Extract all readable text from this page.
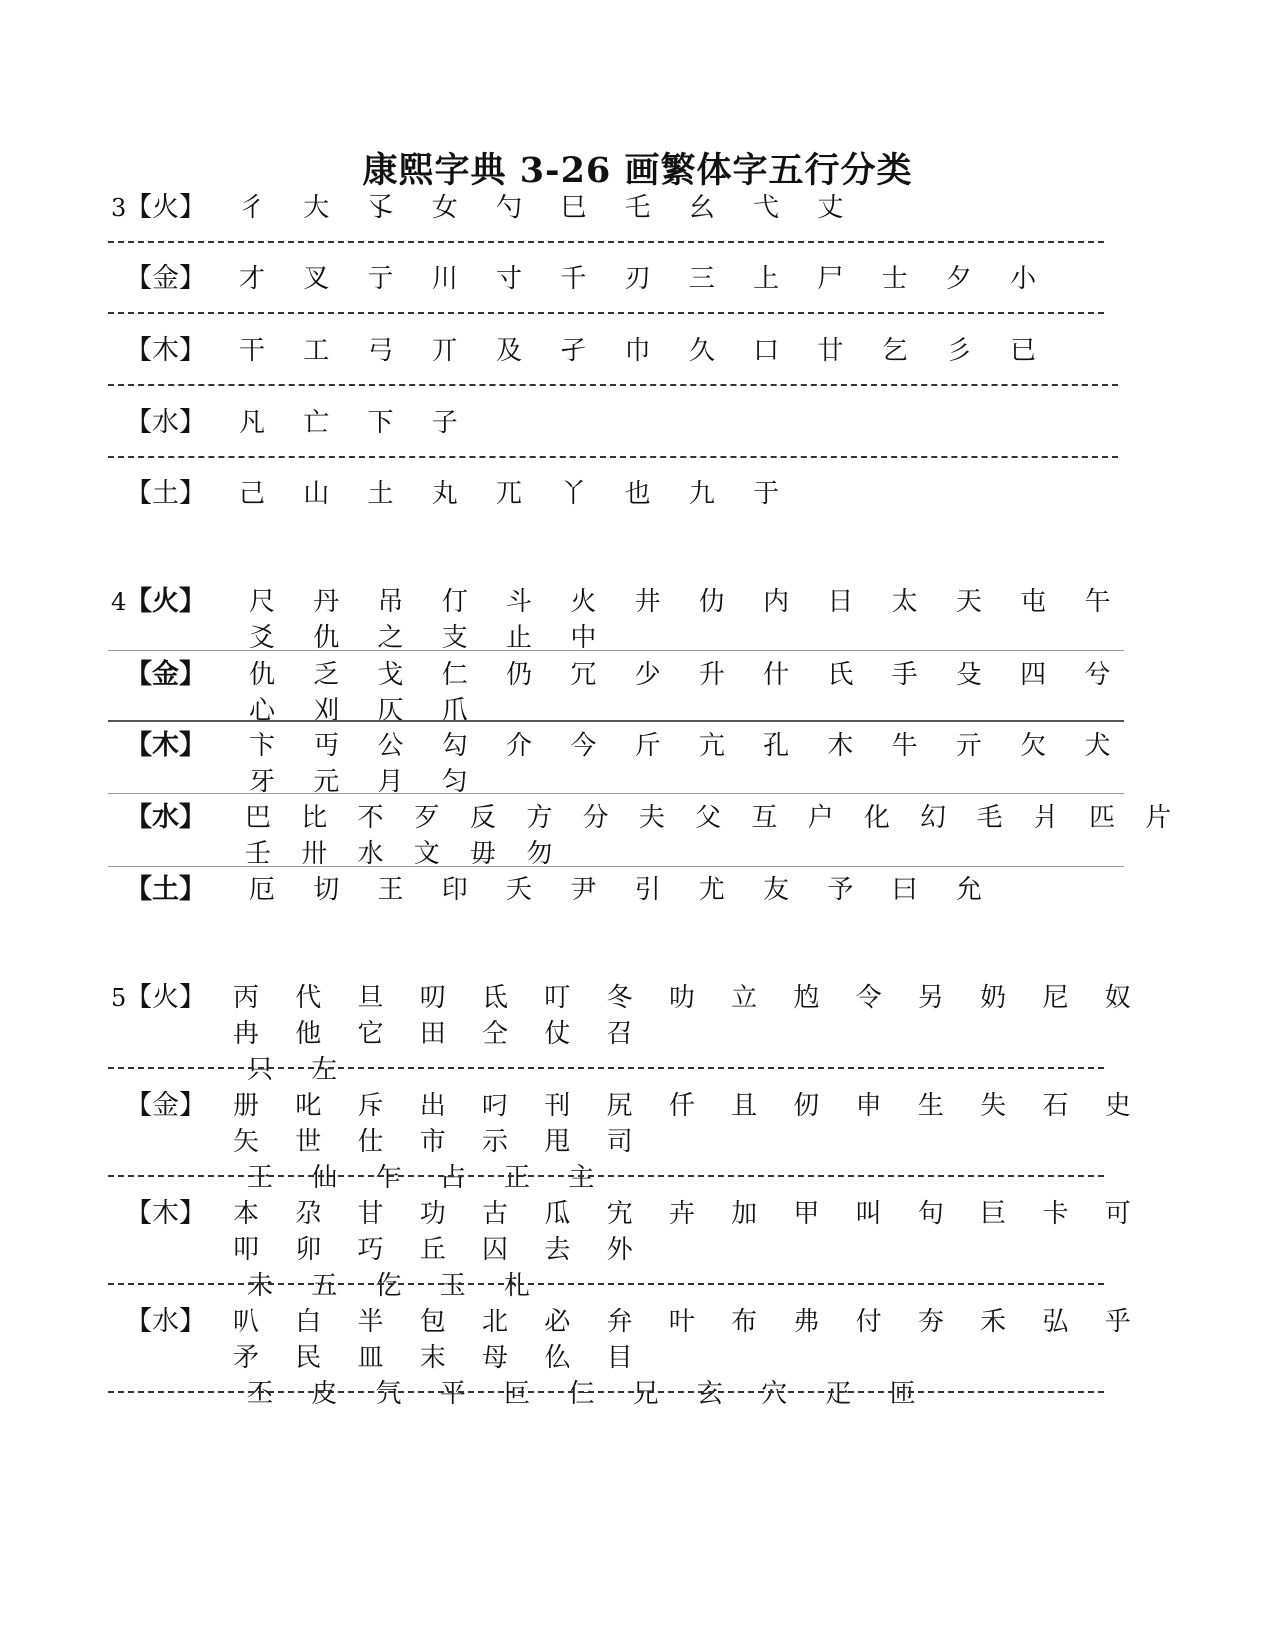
康熙字典 3-26 画繁体字五行分类
3
【火】 彳 大 孓 女 勺 巳 乇 幺 弋 丈
【金】 才 叉 亍 川 寸 千 刃 三 上 尸 士 夕 小
【木】 干 工 弓 丌 及 孑 巾 久 口 廿 乞 彡 已
【水】 凡 亡 下 子
【土】 己 山 土 丸 兀 丫 也 九 于
4
【火】 尺 丹 吊 仃 斗 火 井 仂 内 日 太 天 屯 午 爻 仇 之 支 止 中
【金】 仇 乏 戈 仁 仍 冗 少 升 什 氏 手 殳 四 兮 心 刈 仄 爪
【木】 卞 丏 公 勾 介 今 斤 亢 孔 木 牛 亓 欠 犬 牙 元 月 匀
【水】 巴 比 不 歹 反 方 分 夫 父 互 户 化 幻 毛 爿 匹 片 壬 卅 水 文 毋 勿
【土】 厄 切 王 印 夭 尹 引 尤 友 予 曰 允
5
【火】 丙 代 旦 叨 氐 叮 冬 叻 立 尥 令 另 奶 尼 奴 冉 他 它 田 仝 仗 召
只 左
【金】 册 叱 斥 出 叼 刊 尻 仟 且 仞 申 生 失 石 史 矢 世 仕 市 示 甩 司
王 仙 乍 占 正 主
【木】 本 尕 甘 功 古 瓜 宄 卉 加 甲 叫 句 巨 卡 可 叩 卯 巧 丘 囚 去 外
未 五 仡 玉 札
【水】 叭 白 半 包 北 必 弁 叶 布 弗 付 夯 禾 弘 乎 矛 民 皿 末 母 仫 目
丕 皮 氕 平 叵 仨 兄 玄 穴 疋 匝
